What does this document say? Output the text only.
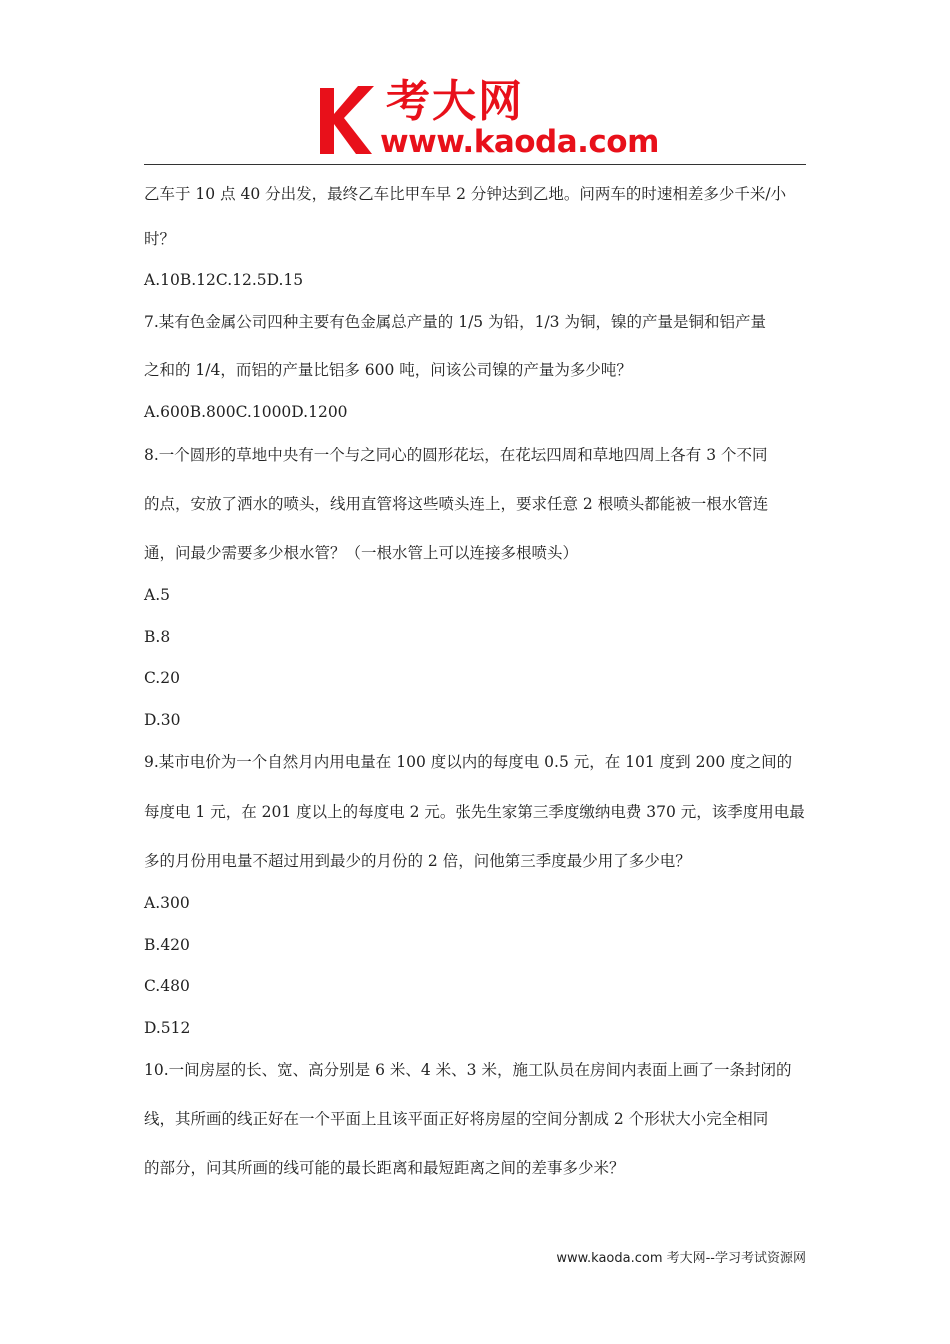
考大网
www.kaoda.com
乙车于 10 点 40 分出发，最终乙车比甲车早 2 分钟达到乙地。问两车的时速相差多少千米/小
时？
A.10B.12C.12.5D.15
7.某有色金属公司四种主要有色金属总产量的 1/5 为铅，1/3 为铜，镍的产量是铜和铝产量
之和的 1/4，而铝的产量比铝多 600 吨，问该公司镍的产量为多少吨？
A.600B.800C.1000D.1200
8.一个圆形的草地中央有一个与之同心的圆形花坛，在花坛四周和草地四周上各有 3 个不同
的点，安放了洒水的喷头，线用直管将这些喷头连上，要求任意 2 根喷头都能被一根水管连
通，问最少需要多少根水管？（一根水管上可以连接多根喷头）
A.5
B.8
C.20
D.30
9.某市电价为一个自然月内用电量在 100 度以内的每度电 0.5 元，在 101 度到 200 度之间的
每度电 1 元，在 201 度以上的每度电 2 元。张先生家第三季度缴纳电费 370 元，该季度用电最
多的月份用电量不超过用到最少的月份的 2 倍，问他第三季度最少用了多少电？
A.300
B.420
C.480
D.512
10.一间房屋的长、宽、高分别是 6 米、4 米、3 米，施工队员在房间内表面上画了一条封闭的
线，其所画的线正好在一个平面上且该平面正好将房屋的空间分割成 2 个形状大小完全相同
的部分，问其所画的线可能的最长距离和最短距离之间的差事多少米？
www.kaoda.com 考大网--学习考试资源网
